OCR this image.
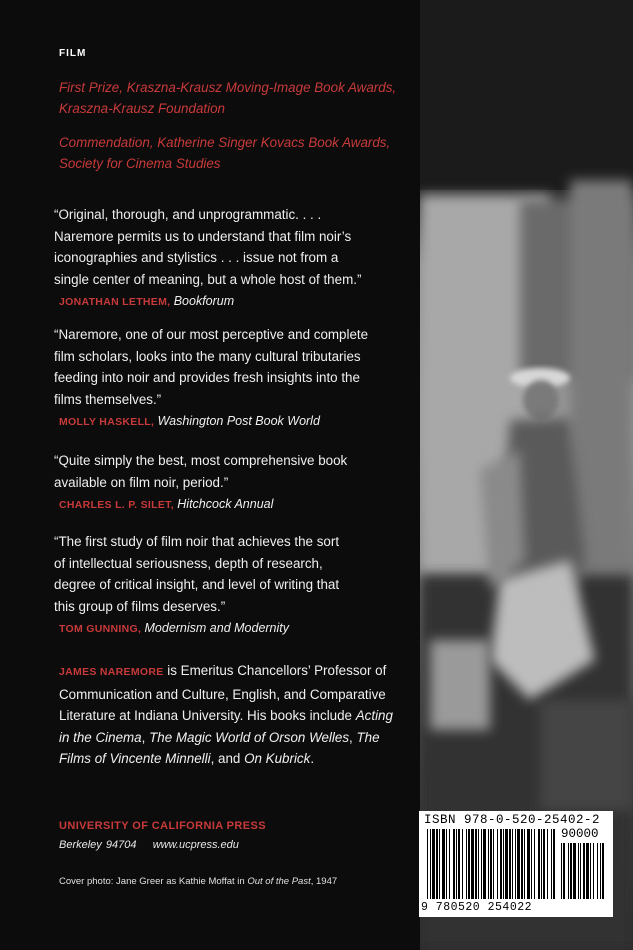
FILM
First Prize, Kraszna-Krausz Moving-Image Book Awards, Kraszna-Krausz Foundation
Commendation, Katherine Singer Kovacs Book Awards, Society for Cinema Studies

“Original, thorough, and unprogrammatic. . . .

Naremore permits us to understand that film noir’s

iconographies and stylistics . . . issue not from a

single center of meaning, but a whole host of them.”

JONATHAN LETHEM, Bookforum

“Naremore, one of our most perceptive and complete

film scholars, looks into the many cultural tributaries

feeding into noir and provides fresh insights into the

films themselves.”

MOLLY HASKELL, Washington Post Book World

“Quite simply the best, most comprehensive book

available on film noir, period.”

CHARLES L. P. SILET, Hitchcock Annual

“The first study of film noir that achieves the sort

of intellectual seriousness, depth of research,

degree of critical insight, and level of writing that

this group of films deserves.”

TOM GUNNING, Modernism and Modernity
JAMES NAREMORE is Emeritus Chancellors’ Professor of Communication and Culture, English, and Comparative Literature at Indiana University. His books include Acting in the Cinema, The Magic World of Orson Welles, The Films of Vincente Minnelli, and On Kubrick.
UNIVERSITY OF CALIFORNIA PRESS
Berkeley 94704 www.ucpress.edu
Cover photo: Jane Greer as Kathie Moffat in Out of the Past, 1947
ISBN 978-0-520-25402-2
90000
9 780520 254022
